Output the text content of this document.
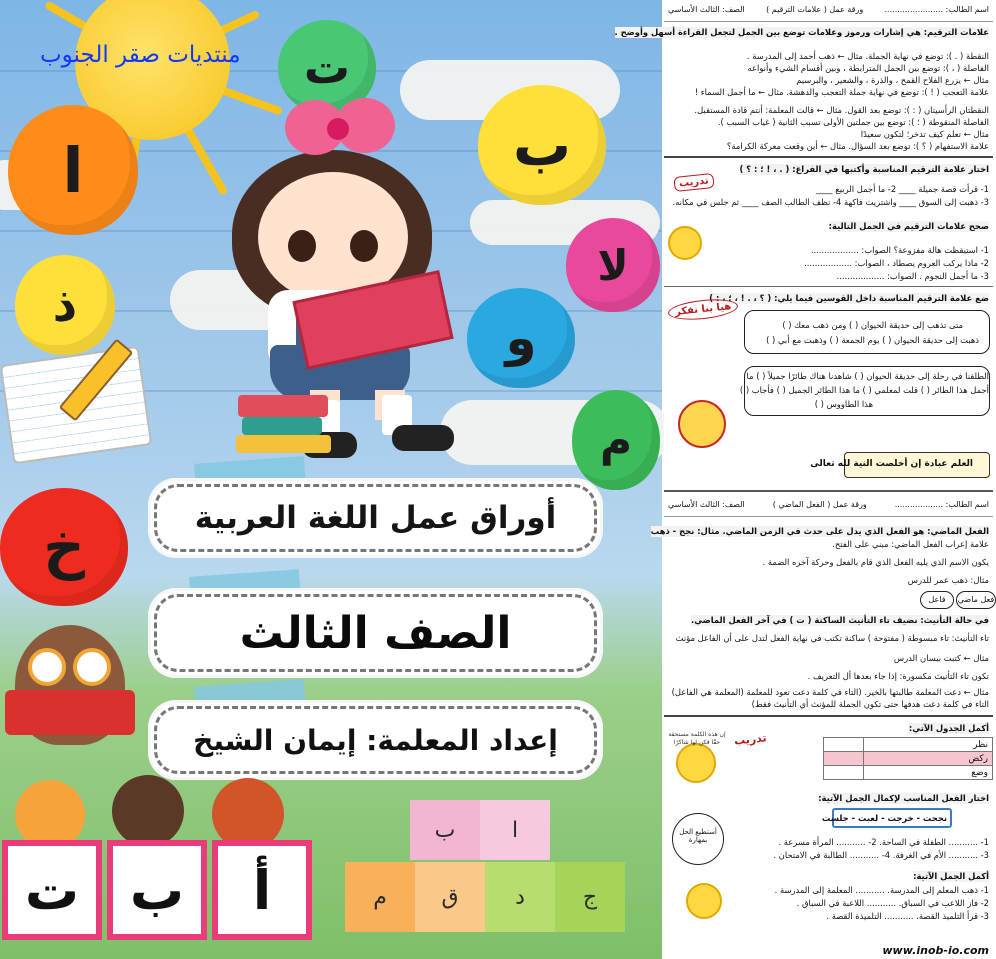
منتديات صقر الجنوب ت
ب
ا
لا
ذ
و
م
خ	أوراق عمل اللغة العربية
الصف الثالث
إعداد المعلمة: إيمان الشيخ
ت ب أ
ب	ا
م ق	د	ج
اسم الطالب: .......................
ورقة عمل ( علامات الترقيم )
الصف: الثالث الأساسي
علامات الترقيم: هي إشارات ورموز وعلامات توضع بين الجمل لتجعل القراءة أسهل وأوضح .
النقطة ( . ): توضع في نهاية الجملة. مثال ← ذهب أحمد إلى المدرسة .
الفاصلة ( ، ): توضع بين الجمل المترابطة ، وبين أقسام الشيء وأنواعه
مثال ← يزرع الفلاح القمح ، والذرة ، والشعير ، والبرسيم
علامة التعجب ( ! ): توضع في نهاية جملة التعجب والدهشة. مثال ← ما أجمل السماء !
النقطتان الرأسيتان ( : ): توضع بعد القول. مثال ← قالت المعلمة: أنتم قادة المستقبل.
الفاصلة المنقوطة ( ؛ ): توضع بين جملتين الأولى تسبب الثانية ( غياب السبب ).
مثال ← تعلم كيف تدخر؛ لتكون سعيدًا
علامة الاستفهام ( ؟ ): توضع بعد السؤال. مثال ← أين وقعت معركة الكرامة؟
اختار علامة الترقيم المناسبة وأكتبها في الفراغ: ( . ، ! ؛ : ؟ )
تدريب	1- قرأت قصة جميلة ____ 2- ما أجمل الربيع ____
3- ذهبت إلى السوق ____ واشتريت فاكهة 4- نظف الطالب الصف ____ ثم جلس في مكانه.
صحح علامات الترقيم في الجمل التالية:
1- استيقظت هالة مفزوعة؟ الصواب: ..................
2- ماذا يركب العروم يصطاد ، الصواب: ..................
3- ما أجمل النجوم . الصواب: ..................
ضع علامة الترقيم المناسبة داخل القوسين فيما يلي: ( ؟ ، . ! ، ؛ ، : )
هيا بنا نفكر
متى تذهب إلى حديقة الحيوان ( ) ومن ذهب معك ( )
ذهبت إلى حديقة الحيوان ( ) يوم الجمعة ( ) وذهبت مع أبي ( )
الطلقنا في رحلة إلى حديقة الحيوان ( ) شاهدنا هناك طائرًا جميلاً ( ) ما
أجمل هذا الطائر ( ) قلت لمعلمي ( ) ما هذا الطائر الجميل ( ) فأجاب ( )
هذا الطاووس ( )
العلم عبادة إن أخلصت النية لله تعالى
اسم الطالب: ...................
ورقة عمل ( الفعل الماضي )
الصف: الثالث الأساسي
الفعل الماضي: هو الفعل الذي يدل على حدث في الزمن الماضي. مثال: نجح - ذهب
علامة إعراب الفعل الماضي: مبني على الفتح.
يكون الاسم الذي يليه الفعل الذي قام بالفعل وحركة آخره الضمة .
مثال: ذهب عمر للدرس
فاعل	فعل ماضي
في حالة التأنيث: نضيف تاء التأنيث الساكنة ( ت ) في آخر الفعل الماضي.
تاء التأنيث: تاء مبسوطة ( مفتوحة ) ساكنة تكتب في نهاية الفعل لتدل على أن الفاعل مؤنث
مثال ← كتبت بيسان الدرس
تكون تاء التأنيث مكسورة: إذا جاء بعدها أل التعريف .
مثال ← دعت المعلمة طالبتها بالخير. (التاء في كلمة دعت تعود للمعلمة (المعلمة هي الفاعل)
التاء في كلمة دعت هدفها حتى تكون الجملة للمؤنث أي التأنيث فقط)
أكمل الجدول الآتي:
تدريب	نظر	
ركض	
وضع	
اختار الفعل المناسب لإكمال الجمل الآتية:
نجحت - خرجت - لعبت - جلست
1- ........... الطفلة في الساحة. 2- ........... المرأة مسرعة .
3- ........... الأم في الغرفة. 4- ........... الطالبة في الامتحان .
أستطيع الحل بمهارة
أكمل الجمل الآتية:
1- ذهب المعلم إلى المدرسة. ........... المعلمة إلى المدرسة .
2- فاز اللاعب في السباق. ........... اللاعبة في السباق .
3- قرأ التلميذ القصة. ........... التلميذة القصة .
إن هذه الكلمة مستحقة حقًا فكن لها شاكرًا
www.inob-io.com
